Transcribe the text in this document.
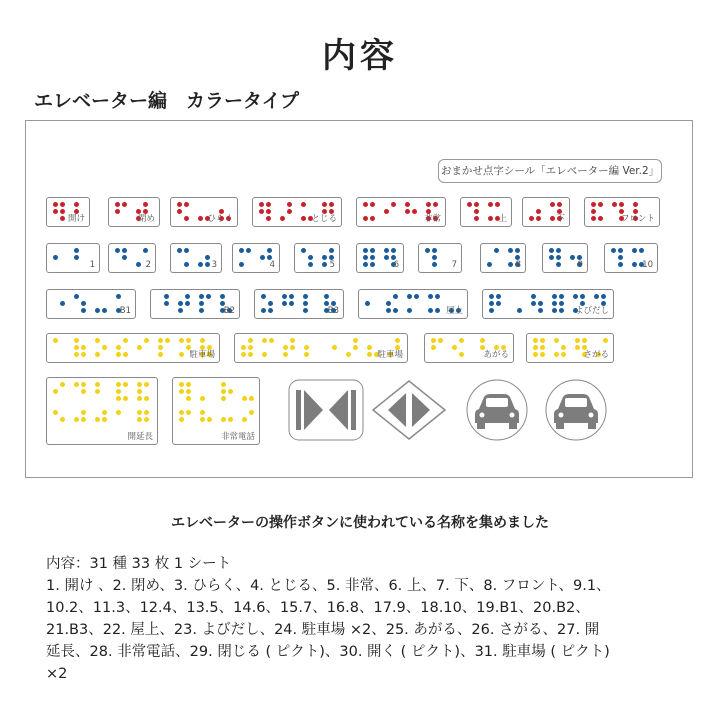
内容
エレベーター編　カラータイプ
おまかせ点字シール「エレベーター編 Ver.2」
開け	閉め	ひらく	とじる	非常	上	下	フロント
1	2	3	4	5	6	7	8	9	10
B1	B2	B3	屋上	よびだし
駐車場	駐車場	あがる	さがる
開延長	非常電話
エレベーターの操作ボタンに使われている名称を集めました

内容：31 種 33 枚 1 シート

1. 開け 、2. 閉め、3. ひらく、4. とじる、5. 非常、6. 上、7. 下、8. フロント、9.1、

10.2、11.3、12.4、13.5、14.6、15.7、16.8、17.9、18.10、19.B1、20.B2、

21.B3、22. 屋上、23. よびだし、24. 駐車場 ×2、25. あがる、26. さがる、27. 開

延長、28. 非常電話、29. 閉じる ( ピクト)、30. 開く ( ピクト)、31. 駐車場 ( ピクト)

×2
